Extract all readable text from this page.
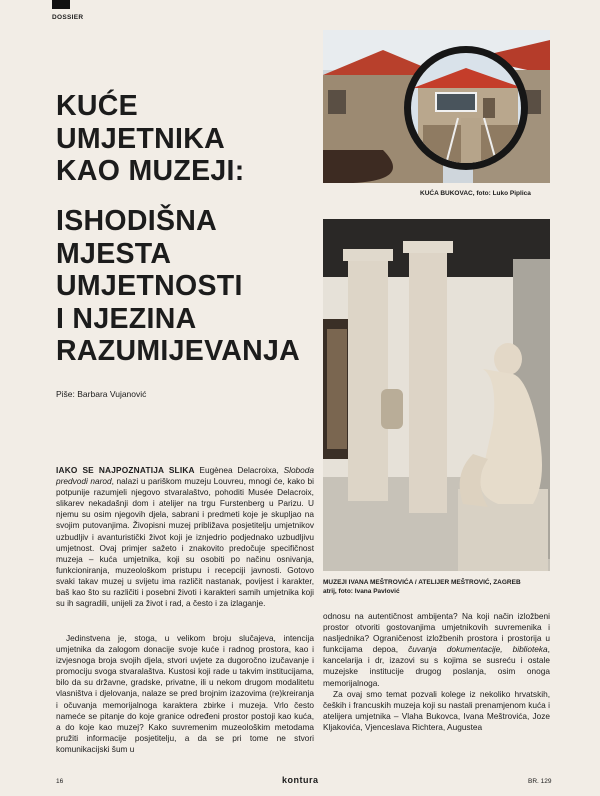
DOSSIER
KUĆE
UMJETNIKA
KAO MUZEJI:
ISHODIŠNA
MJESTA
UMJETNOSTI
I NJEZINA
RAZUMIJEVANJA
Piše: Barbara Vujanović
KUĆA BUKOVAC, foto: Luko Piplica
MUZEJI IVANA MEŠTROVIĆA / ATELIJER MEŠTROVIĆ, ZAGREB
atrij, foto: Ivana Pavlović

IAKO SE NAJPOZNATIJA SLIKA Eugènea Delacroixa, Sloboda predvodi narod, nalazi u pariškom muzeju Louvreu, mnogi će, kako bi potpunije razumjeli njegovo stvaralaštvo, pohoditi Musée Delacroix, slikarev nekadašnji dom i atelijer na trgu Furstenberg u Parizu. U njemu su osim njegovih djela, sabrani i predmeti koje je skupljao na svojim putovanjima. Živopisni muzej približava posjetitelju umjetnikov uzbudljiv i avanturistički život koji je iznjedrio podjednako uzbudljivu umjetnost. Ovaj primjer sažeto i znakovito predočuje specifičnost muzeja – kuća umjetnika, koji su osobiti po načinu osnivanja, funkcioniranja, muzeološkom pristupu i recepciji javnosti. Gotovo svaki takav muzej u svijetu ima različit nastanak, povijest i karakter, baš kao što su različiti i posebni životi i karakteri samih umjetnika koji su ih sagradili, unijeli za život i rad, a često i za izlaganje.

Jedinstvena je, stoga, u velikom broju slučajeva, intencija umjetnika da zalogom donacije svoje kuće i radnog prostora, kao i izvjesnoga broja svojih djela, stvori uvjete za dugoročno izučavanje i promociju svoga stvaralaštva. Kustosi koji rade u takvim institucijama, bilo da su državne, gradske, privatne, ili u nekom drugom modalitetu vlasništva i djelovanja, nalaze se pred brojnim izazovima (re)kreiranja i očuvanja memorijalnoga karaktera zbirke i muzeja. Vrlo često nameće se pitanje do koje granice određeni prostor postoji kao kuća, a do koje kao muzej? Kako suvremenim muzeološkim metodama pružiti informacije posjetitelju, a da se pri tome ne stvori komunikacijski šum u

odnosu na autentičnost ambijenta? Na koji način izložbeni prostor otvoriti gostovanjima umjetnikovih suvremenika i nasljednika? Ograničenost izložbenih prostora i prostorija u funkcijama depoa, čuvanja dokumentacije, biblioteka, kancelarija i dr, izazovi su s kojima se susreću i ostale muzejske institucije drugog poslanja, osim onoga memorijalnoga.

Za ovaj smo temat pozvali kolege iz nekoliko hrvatskih, čeških i francuskih muzeja koji su nastali prenamjenom kuća i atelijera umjetnika – Vlaha Bukovca, Ivana Meštrovića, Joze Kljakovića, Vjenceslava Richtera, Augustea

16	kontura	BR. 129
